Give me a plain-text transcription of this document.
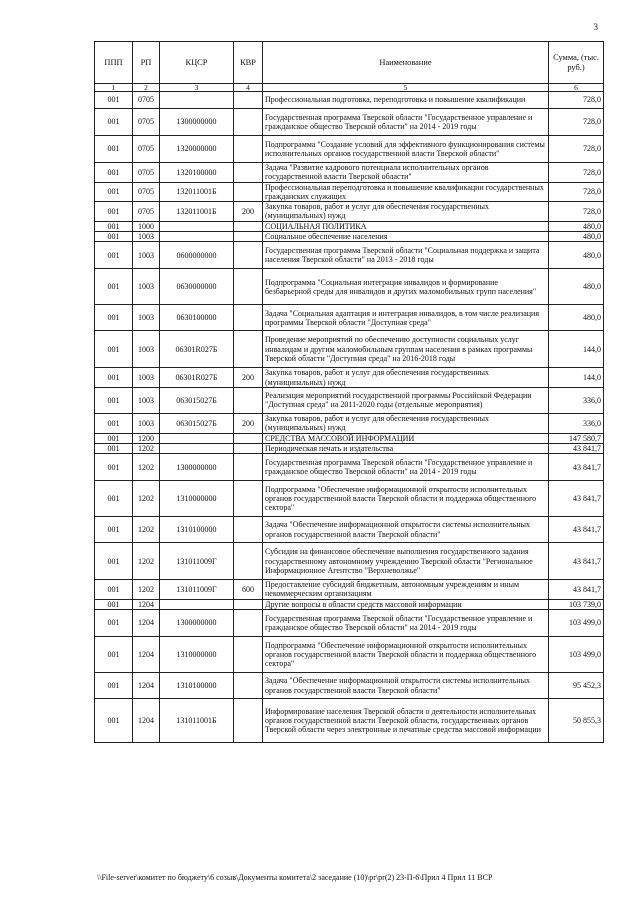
3
ППП	РП	КЦСР	КВР	Наименование	Сумма, (тыс. руб.)
1	2	3	4	5	6
001	0705			Профессиональная подготовка, переподготовка и повышение квалификации	728,0
001	0705	1300000000		Государственная программа Тверской области "Государственное управление и гражданское общество Тверской области" на 2014 - 2019 годы	728,0
001	0705	1320000000		Подпрограмма "Создание условий для эффективного функционирования системы исполнительных органов государственной власти Тверской области"	728,0
001	0705	1320100000		Задача "Развитие кадрового потенциала исполнительных органов государственной власти Тверской области"	728,0
001	0705	132011001Б		Профессиональная переподготовка и повышение квалификации государственных гражданских служащих	728,0
001	0705	132011001Б	200	Закупка товаров, работ и услуг для обеспечения государственных (муниципальных) нужд	728,0
001	1000			СОЦИАЛЬНАЯ ПОЛИТИКА	480,0
001	1003			Социальное обеспечение населения	480,0
001	1003	0600000000		Государственная программа Тверской области "Социальная поддержка и защита населения Тверской области" на 2013 - 2018 годы	480,0
001	1003	0630000000		Подпрограмма "Социальная интеграция инвалидов и формирование безбарьерной среды для инвалидов и других маломобильных групп населения"	480,0
001	1003	0630100000		Задача "Социальная адаптация и интеграция инвалидов, в том числе реализация программы Тверской области "Доступная среда"	480,0
001	1003	06301R027Б		Проведение мероприятий по обеспечению доступности социальных услуг инвалидам и другим маломобильным группам населения в рамках программы Тверской области "Доступная среда" на 2016-2018 годы	144,0
001	1003	06301R027Б	200	Закупка товаров, работ и услуг для обеспечения государственных (муниципальных) нужд	144,0
001	1003	063015027Б		Реализация мероприятий государственной программы Российской Федерации "Доступная среда" на 2011-2020 годы (отдельные мероприятия)	336,0
001	1003	063015027Б	200	Закупка товаров, работ и услуг для обеспечения государственных (муниципальных) нужд	336,0
001	1200			СРЕДСТВА МАССОВОЙ ИНФОРМАЦИИ	147 580,7
001	1202			Периодическая печать и издательства	43 841,7
001	1202	1300000000		Государственная программа Тверской области "Государственное управление и гражданское общество Тверской области" на 2014 - 2019 годы	43 841,7
001	1202	1310000000		Подпрограмма "Обеспечение информационной открытости исполнительных органов государственной власти Тверской области и поддержка общественного сектора"	43 841,7
001	1202	1310100000		Задача "Обеспечение информационной открытости системы исполнительных органов государственной власти Тверской области"	43 841,7
001	1202	131011009Г		Субсидия на финансовое обеспечение выполнения государственного задания государственному автономному учреждению Тверской области "Региональное Информационное Агентство "Верхневолжье"	43 841,7
001	1202	131011009Г	600	Предоставление субсидий бюджетным, автономным учреждениям и иным некоммерческим организациям	43 841,7
001	1204			Другие вопросы в области средств массовой информации	103 739,0
001	1204	1300000000		Государственная программа Тверской области "Государственное управление и гражданское общество Тверской области" на 2014 - 2019 годы	103 499,0
001	1204	1310000000		Подпрограмма "Обеспечение информационной открытости исполнительных органов государственной власти Тверской области и поддержка общественного сектора"	103 499,0
001	1204	1310100000		Задача "Обеспечение информационной открытости системы исполнительных органов государственной власти Тверской области"	95 452,3
001	1204	131011001Б		Информирование населения Тверской области о деятельности исполнительных органов государственной власти Тверской области, государственных органов Тверской области через электронные и печатные средства массовой информации	50 855,3
\\File-server\комитет по бюджету\6 созыв\Документы комитета\2 заседание (10)\pr\pr(2) 23-П-6\Прил 4 Прил 11 ВСР
